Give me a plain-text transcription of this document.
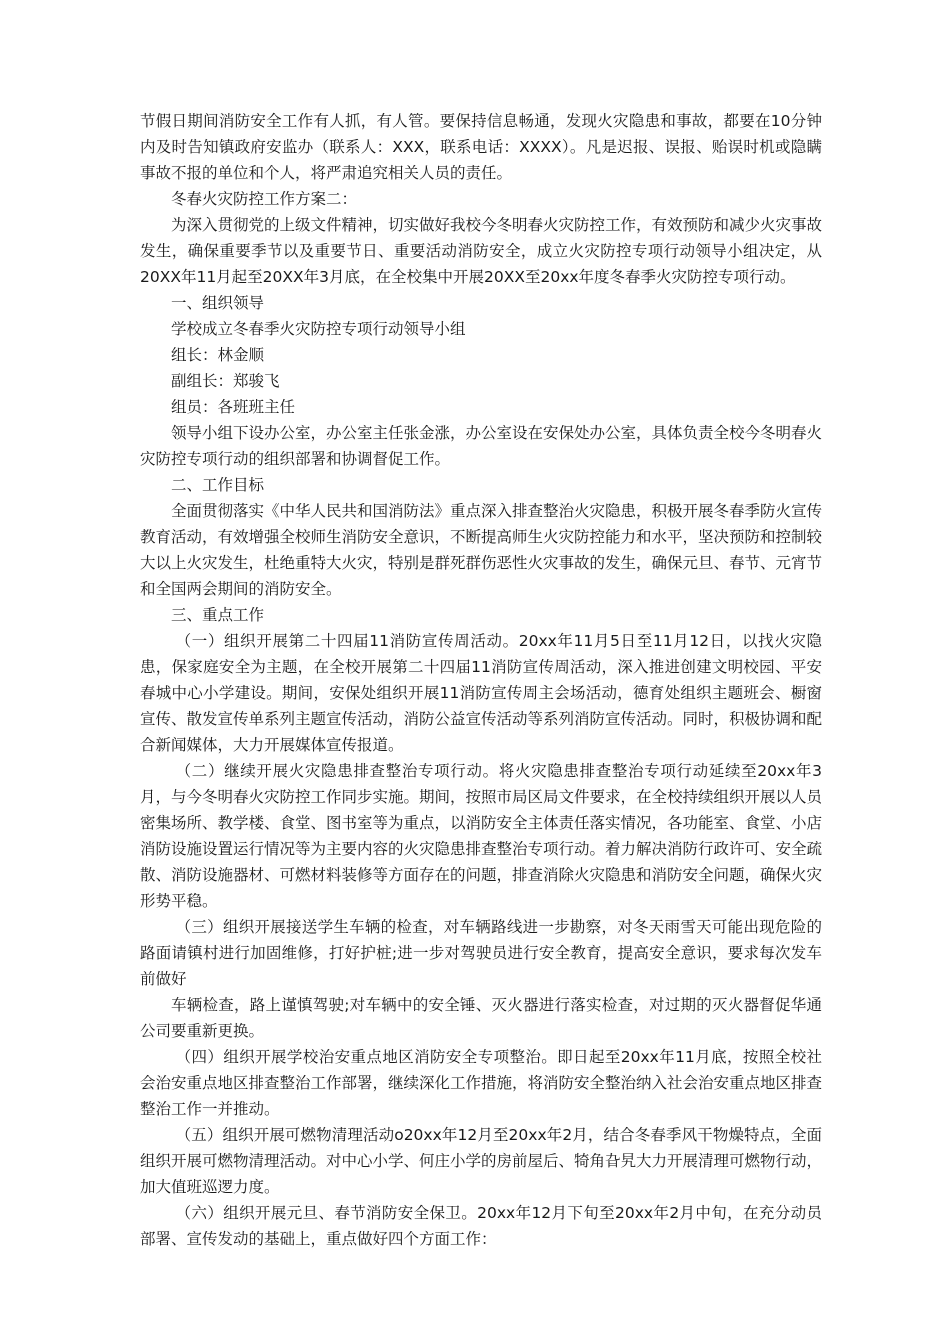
节假日期间消防安全工作有人抓，有人管。要保持信息畅通，发现火灾隐患和事故，都要在10分钟内及时告知镇政府安监办（联系人：XXX，联系电话：XXXX）。凡是迟报、误报、贻误时机或隐瞒事故不报的单位和个人，将严肃追究相关人员的责任。

冬春火灾防控工作方案二：

为深入贯彻党的上级文件精神，切实做好我校今冬明春火灾防控工作，有效预防和减少火灾事故发生，确保重要季节以及重要节日、重要活动消防安全，成立火灾防控专项行动领导小组决定，从20XX年11月起至20XX年3月底，在全校集中开展20XX至20xx年度冬春季火灾防控专项行动。

一、组织领导

学校成立冬春季火灾防控专项行动领导小组

组长：林金顺

副组长：郑骏飞

组员：各班班主任

领导小组下设办公室，办公室主任张金涨，办公室设在安保处办公室，具体负责全校今冬明春火灾防控专项行动的组织部署和协调督促工作。

二、工作目标

全面贯彻落实《中华人民共和国消防法》重点深入排查整治火灾隐患，积极开展冬春季防火宣传教育活动，有效增强全校师生消防安全意识，不断提高师生火灾防控能力和水平，坚决预防和控制较大以上火灾发生，杜绝重特大火灾，特别是群死群伤恶性火灾事故的发生，确保元旦、春节、元宵节和全国两会期间的消防安全。

三、重点工作

（一）组织开展第二十四届11消防宣传周活动。20xx年11月5日至11月12日，以找火灾隐患，保家庭安全为主题，在全校开展第二十四届11消防宣传周活动，深入推进创建文明校园、平安春城中心小学建设。期间，安保处组织开展11消防宣传周主会场活动，德育处组织主题班会、橱窗宣传、散发宣传单系列主题宣传活动，消防公益宣传活动等系列消防宣传活动。同时，积极协调和配合新闻媒体，大力开展媒体宣传报道。

（二）继续开展火灾隐患排查整治专项行动。将火灾隐患排查整治专项行动延续至20xx年3月，与今冬明春火灾防控工作同步实施。期间，按照市局区局文件要求，在全校持续组织开展以人员密集场所、教学楼、食堂、图书室等为重点，以消防安全主体责任落实情况，各功能室、食堂、小店消防设施设置运行情况等为主要内容的火灾隐患排查整治专项行动。着力解决消防行政许可、安全疏散、消防设施器材、可燃材料装修等方面存在的问题，排查消除火灾隐患和消防安全问题，确保火灾形势平稳。

（三）组织开展接送学生车辆的检查，对车辆路线进一步勘察，对冬天雨雪天可能出现危险的路面请镇村进行加固维修，打好护桩;进一步对驾驶员进行安全教育，提高安全意识，要求每次发车前做好

车辆检查，路上谨慎驾驶;对车辆中的安全锤、灭火器进行落实检查，对过期的灭火器督促华通公司要重新更换。

（四）组织开展学校治安重点地区消防安全专项整治。即日起至20xx年11月底，按照全校社会治安重点地区排查整治工作部署，继续深化工作措施，将消防安全整治纳入社会治安重点地区排查整治工作一并推动。

（五）组织开展可燃物清理活动o20xx年12月至20xx年2月，结合冬春季风干物燥特点，全面组织开展可燃物清理活动。对中心小学、何庄小学的房前屋后、犄角旮旯大力开展清理可燃物行动，加大值班巡逻力度。

（六）组织开展元旦、春节消防安全保卫。20xx年12月下旬至20xx年2月中旬，在充分动员部署、宣传发动的基础上，重点做好四个方面工作：
